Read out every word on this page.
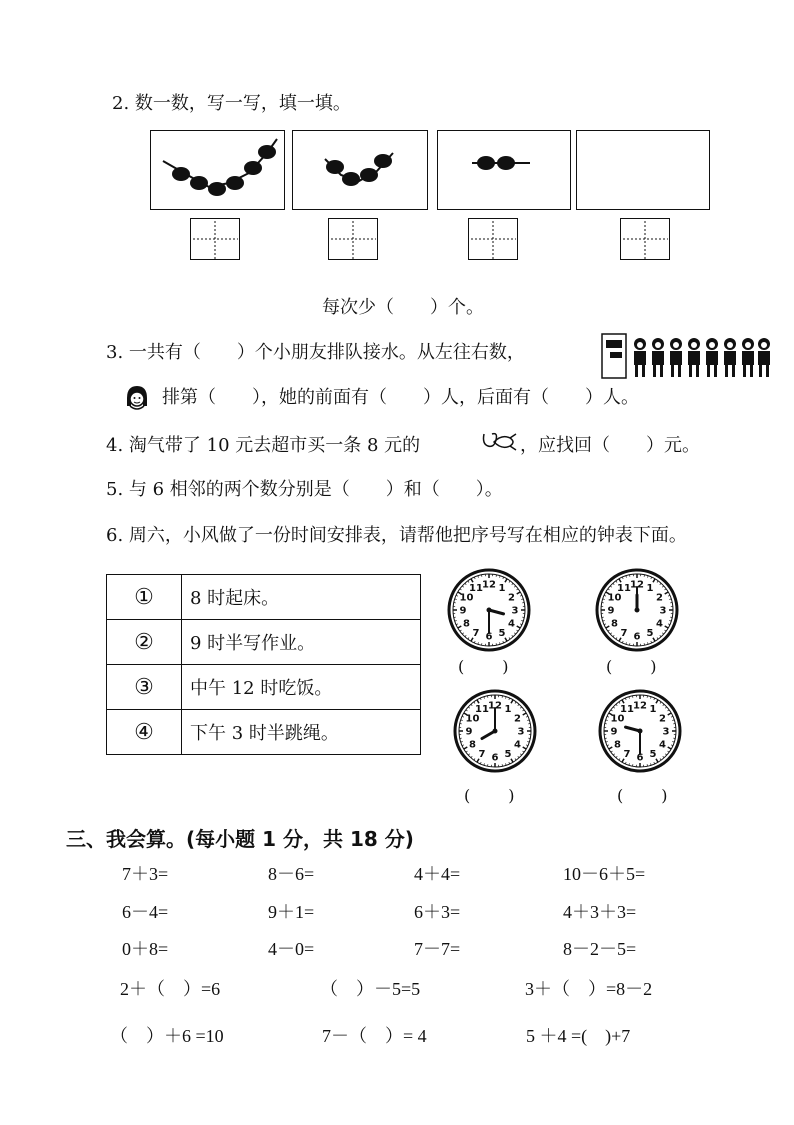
2. 数一数，写一写，填一填。
每次少（　　）个。
3. 一共有（　　）个小朋友排队接水。从左往右数，
排第（　　），她的前面有（　　）人，后面有（　　）人。
4. 淘气带了 10 元去超市买一条 8 元的	，应找回（　　）元。
5. 与 6 相邻的两个数分别是（　　）和（　　）。
6. 周六，小风做了一份时间安排表，请帮他把序号写在相应的钟表下面。
①	8 时起床。
②	9 时半写作业。
③	中午 12 时吃饭。
④	下午 3 时半跳绳。
12 1
2
3
4
5
6
7
8
9
10
11	12 1
2
3
4
5
6
7
8
9
10
11
12 1
2
3
4
5
6
7
8
9
10
11	12 1
2
3
4
5
6
7
8
9
10
11
(　　)	(　　)
(　　)	(　　)
三、我会算。(每小题 1 分，共 18 分)
7＋3=	8－6=	4＋4=	10－6＋5=
6－4=	9＋1=	6＋3=	4＋3＋3=
0＋8=	4－0=	7－7=	8－2－5=
2＋（　）=6	（　）－5=5	3＋（　）=8－2
（　）＋6 =10	7－（　）= 4	5 ＋4 =(　)+7
